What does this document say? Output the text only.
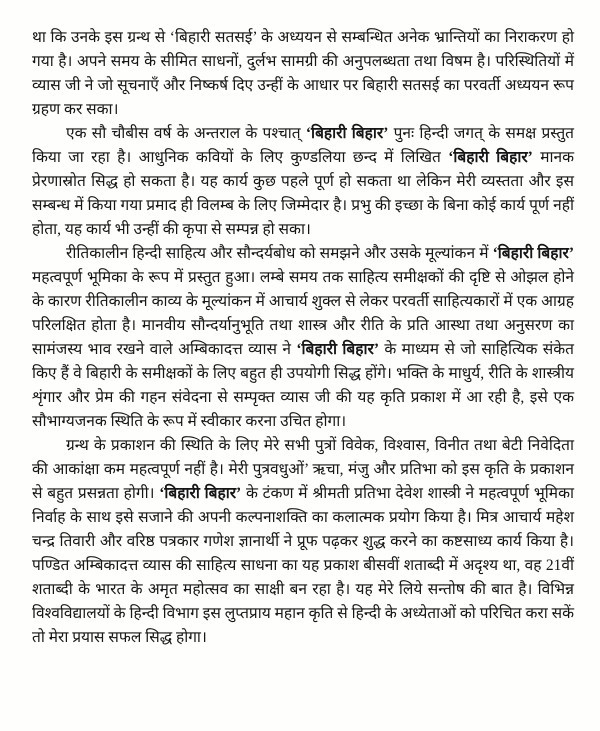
था कि उनके इस ग्रन्थ से ‘बिहारी सतसई’ के अध्ययन से सम्बन्धित अनेक भ्रान्तियों का निराकरण हो गया है। अपने समय के सीमित साधनों, दुर्लभ सामग्री की अनुपलब्धता तथा विषम है। परिस्थितियों में व्यास जी ने जो सूचनाएँ और निष्कर्ष दिए उन्हीं के आधार पर बिहारी सतसई का परवर्ती अध्ययन रूप ग्रहण कर सका।

एक सौ चौबीस वर्ष के अन्तराल के पश्चात् ‘बिहारी बिहार’ पुनः हिन्दी जगत् के समक्ष प्रस्तुत किया जा रहा है। आधुनिक कवियों के लिए कुण्डलिया छन्द में लिखित ‘बिहारी बिहार’ मानक प्रेरणास्रोत सिद्ध हो सकता है। यह कार्य कुछ पहले पूर्ण हो सकता था लेकिन मेरी व्यस्तता और इस सम्बन्ध में किया गया प्रमाद ही विलम्ब के लिए जिम्मेदार है। प्रभु की इच्छा के बिना कोई कार्य पूर्ण नहीं होता, यह कार्य भी उन्हीं की कृपा से सम्पन्न हो सका।

रीतिकालीन हिन्दी साहित्य और सौन्दर्यबोध को समझने और उसके मूल्यांकन में ‘बिहारी बिहार’ महत्वपूर्ण भूमिका के रूप में प्रस्तुत हुआ। लम्बे समय तक साहित्य समीक्षकों की दृष्टि से ओझल होने के कारण रीतिकालीन काव्य के मूल्यांकन में आचार्य शुक्ल से लेकर परवर्ती साहित्यकारों में एक आग्रह परिलक्षित होता है। मानवीय सौन्दर्यानुभूति तथा शास्त्र और रीति के प्रति आस्था तथा अनुसरण का सामंजस्य भाव रखने वाले अम्बिकादत्त व्यास ने ‘बिहारी बिहार’ के माध्यम से जो साहित्यिक संकेत किए हैं वे बिहारी के समीक्षकों के लिए बहुत ही उपयोगी सिद्ध होंगे। भक्ति के माधुर्य, रीति के शास्त्रीय शृंगार और प्रेम की गहन संवेदना से सम्पृक्त व्यास जी की यह कृति प्रकाश में आ रही है, इसे एक सौभाग्यजनक स्थिति के रूप में स्वीकार करना उचित होगा।

ग्रन्थ के प्रकाशन की स्थिति के लिए मेरे सभी पुत्रों विवेक, विश्वास, विनीत तथा बेटी निवेदिता की आकांक्षा कम महत्वपूर्ण नहीं है। मेरी पुत्रवधुओं’ ऋचा, मंजु और प्रतिभा को इस कृति के प्रकाशन से बहुत प्रसन्नता होगी। ‘बिहारी बिहार’ के टंकण में श्रीमती प्रतिभा देवेश शास्त्री ने महत्वपूर्ण भूमिका निर्वाह के साथ इसे सजाने की अपनी कल्पनाशक्ति का कलात्मक प्रयोग किया है। मित्र आचार्य महेश चन्द्र तिवारी और वरिष्ठ पत्रकार गणेश ज्ञानार्थी ने प्रूफ पढ़कर शुद्ध करने का कष्टसाध्य कार्य किया है। पण्डित अम्बिकादत्त व्यास की साहित्य साधना का यह प्रकाश बीसवीं शताब्दी में अदृश्य था, वह 21वीं शताब्दी के भारत के अमृत महोत्सव का साक्षी बन रहा है। यह मेरे लिये सन्तोष की बात है। विभिन्न विश्वविद्यालयों के हिन्दी विभाग इस लुप्तप्राय महान कृति से हिन्दी के अध्येताओं को परिचित करा सकें तो मेरा प्रयास सफल सिद्ध होगा।
